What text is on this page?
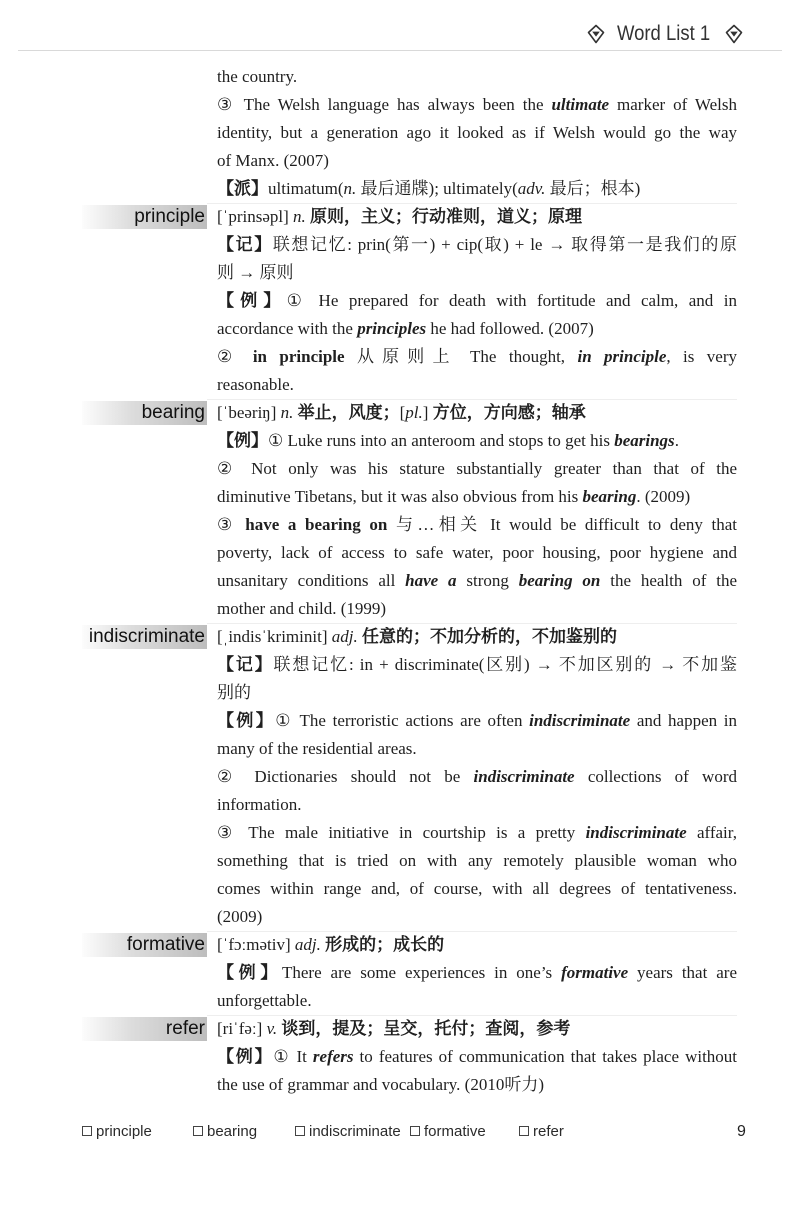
Word List 1
the country.
③ The Welsh language has always been the ultimate marker of Welsh
identity, but a generation ago it looked as if Welsh would go the way
of Manx. (2007)
【派】ultimatum(n. 最后通牒); ultimately(adv. 最后；根本)
principle [ˈprinsəpl] n. 原则，主义；行动准则，道义；原理
【记】联想记忆: prin(第一) + cip(取) + le → 取得第一是我们的原
则 → 原则
【例】① He prepared for death with fortitude and calm, and in
accordance with the principles he had followed. (2007)
② in principle 从原则上 The thought, in principle, is very
reasonable.
bearing [ˈbeəriŋ] n. 举止，风度；[pl.] 方位，方向感；轴承
【例】① Luke runs into an anteroom and stops to get his bearings.
② Not only was his stature substantially greater than that of the
diminutive Tibetans, but it was also obvious from his bearing. (2009)
③ have a bearing on 与…相关 It would be difficult to deny that
poverty, lack of access to safe water, poor housing, poor hygiene and
unsanitary conditions all have a strong bearing on the health of the
mother and child. (1999)
indiscriminate [ˌindisˈkriminit] adj. 任意的；不加分析的，不加鉴别的
【记】联想记忆: in + discriminate(区别) → 不加区别的 → 不加鉴
别的
【例】① The terroristic actions are often indiscriminate and happen in
many of the residential areas.
② Dictionaries should not be indiscriminate collections of word
information.
③ The male initiative in courtship is a pretty indiscriminate affair,
something that is tried on with any remotely plausible woman who
comes within range and, of course, with all degrees of tentativeness.
(2009)
formative [ˈfɔːmətiv] adj. 形成的；成长的
【例】There are some experiences in one’s formative years that are
unforgettable.
refer [riˈfəː] v. 谈到，提及；呈交，托付；查阅，参考
【例】① It refers to features of communication that takes place without
the use of grammar and vocabulary. (2010听力)
principle	bearing	indiscriminate	formative	refer	9
